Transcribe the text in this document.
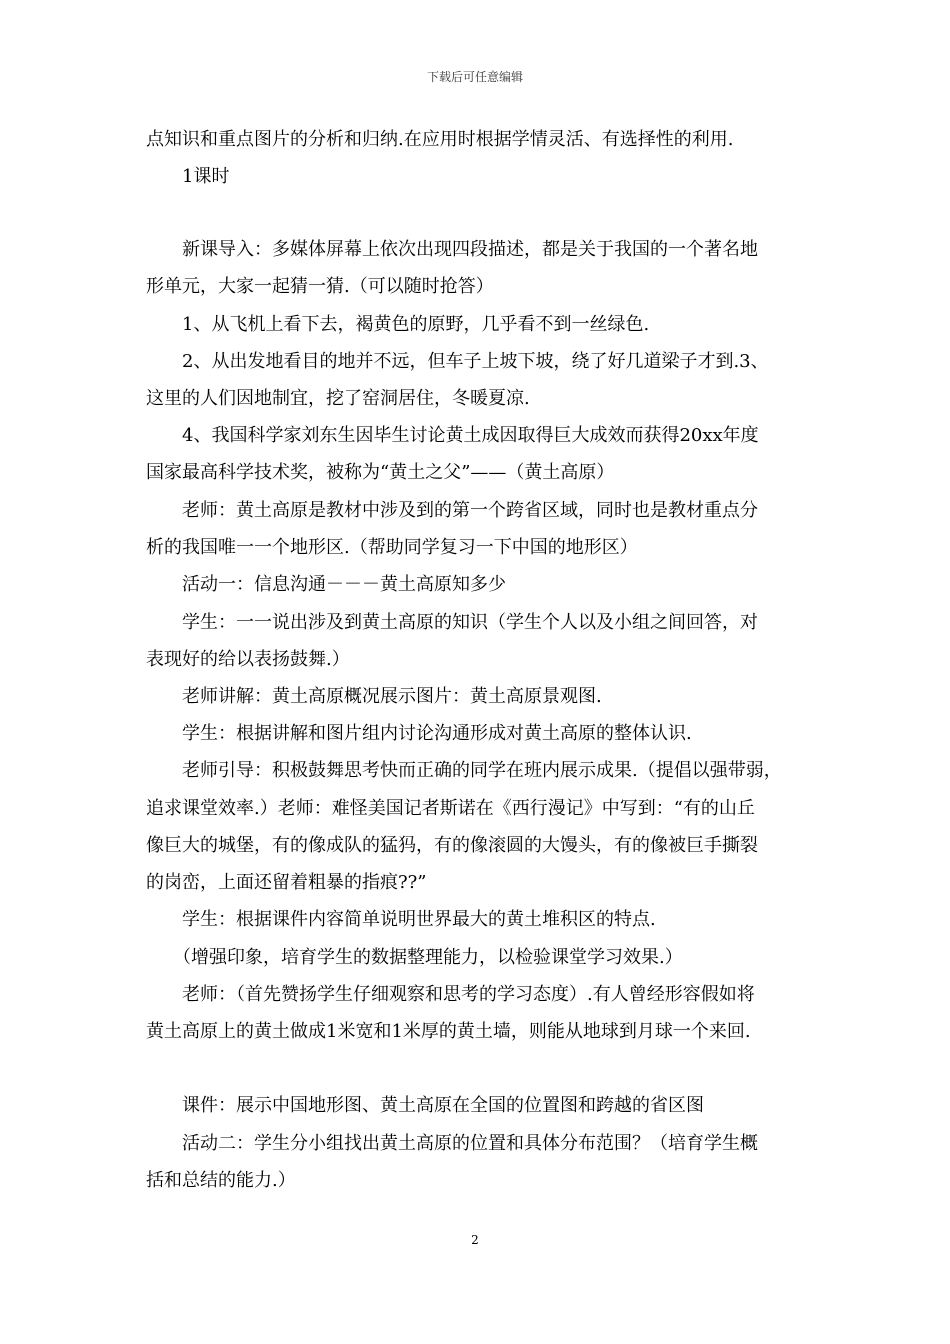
下载后可任意编辑
点知识和重点图片的分析和归纳.在应用时根据学情灵活、有选择性的利用.
　　1课时
　　新课导入：多媒体屏幕上依次出现四段描述，都是关于我国的一个著名地
形单元，大家一起猜一猜.（可以随时抢答）
　　1、从飞机上看下去，褐黄色的原野，几乎看不到一丝绿色.
　　2、从出发地看目的地并不远，但车子上坡下坡，绕了好几道梁子才到.3、
这里的人们因地制宜，挖了窑洞居住，冬暖夏凉.
　　4、我国科学家刘东生因毕生讨论黄土成因取得巨大成效而获得20xx年度
国家最高科学技术奖，被称为“黄土之父”——（黄土高原）
　　老师：黄土高原是教材中涉及到的第一个跨省区域，同时也是教材重点分
析的我国唯一一个地形区.（帮助同学复习一下中国的地形区）
　　活动一：信息沟通－－－黄土高原知多少
　　学生：一一说出涉及到黄土高原的知识（学生个人以及小组之间回答，对
表现好的给以表扬鼓舞.）
　　老师讲解：黄土高原概况展示图片：黄土高原景观图.
　　学生：根据讲解和图片组内讨论沟通形成对黄土高原的整体认识.
　　老师引导：积极鼓舞思考快而正确的同学在班内展示成果.（提倡以强带弱，
追求课堂效率.）老师：难怪美国记者斯诺在《西行漫记》中写到：“有的山丘
像巨大的城堡，有的像成队的猛犸，有的像滚圆的大馒头，有的像被巨手撕裂
的岗峦，上面还留着粗暴的指痕??”
　　学生：根据课件内容简单说明世界最大的黄土堆积区的特点.
　　（增强印象，培育学生的数据整理能力，以检验课堂学习效果.）
　　老师：（首先赞扬学生仔细观察和思考的学习态度）.有人曾经形容假如将
黄土高原上的黄土做成1米宽和1米厚的黄土墙，则能从地球到月球一个来回.
　　课件：展示中国地形图、黄土高原在全国的位置图和跨越的省区图
　　活动二：学生分小组找出黄土高原的位置和具体分布范围？（培育学生概
括和总结的能力.）
2
